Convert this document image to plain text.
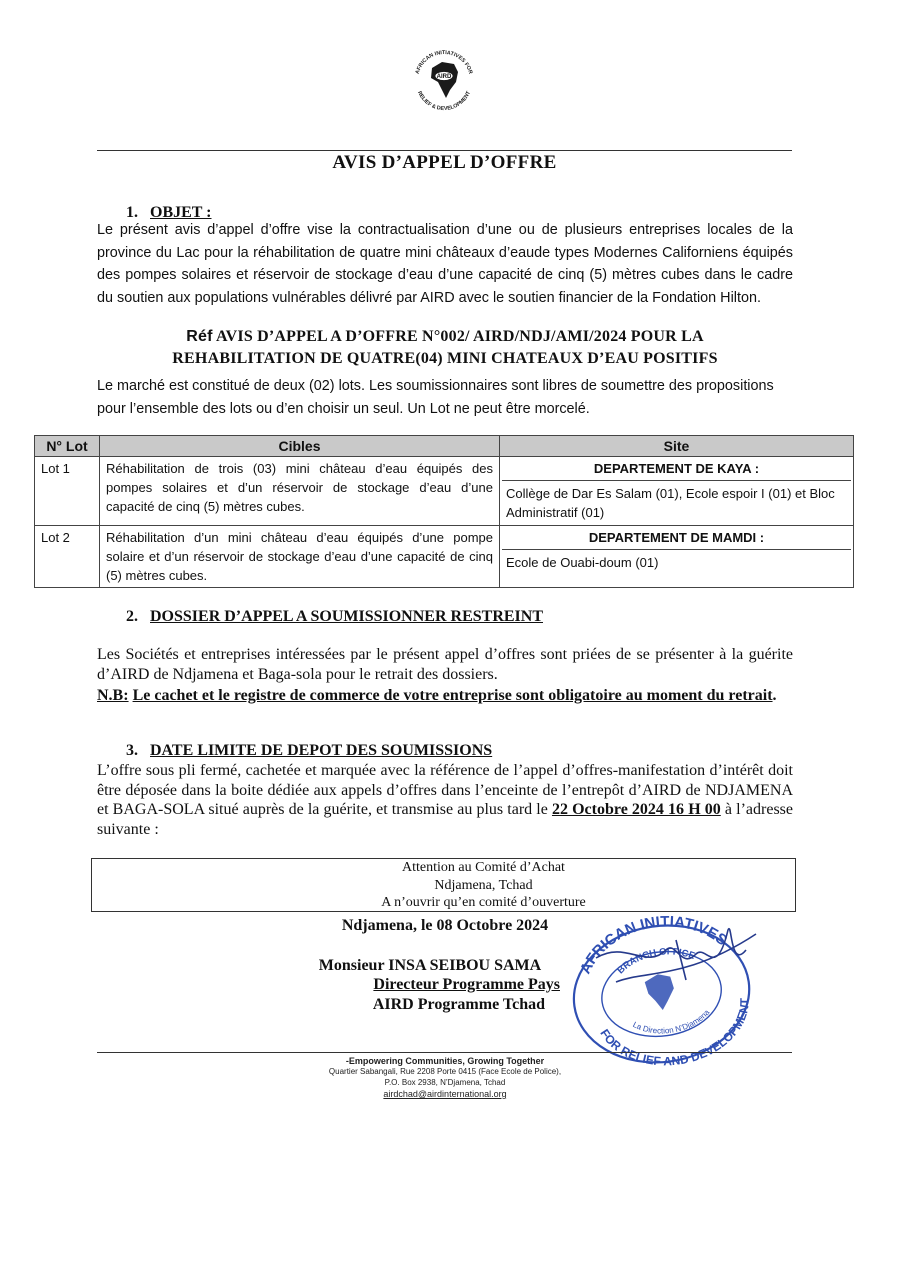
AFRICAN INITIATIVES FOR
RELIEF & DEVELOPMENT
AIRD
AVIS D’APPEL D’OFFRE
1. OBJET :
Le présent avis d’appel d’offre vise la contractualisation d’une ou de plusieurs entreprises locales de la province du Lac pour la réhabilitation de quatre mini châteaux d’eaude types Modernes Californiens équipés des pompes solaires et réservoir de stockage d’eau d’une capacité de cinq (5) mètres cubes dans le cadre du soutien aux populations vulnérables délivré par AIRD avec le soutien financier de la Fondation Hilton.
Réf AVIS D’APPEL A D’OFFRE N°002/ AIRD/NDJ/AMI/2024 POUR LA
REHABILITATION DE QUATRE(04) MINI CHATEAUX D’EAU POSITIFS
Le marché est constitué de deux (02) lots. Les soumissionnaires sont libres de soumettre des propositions pour l’ensemble des lots ou d’en choisir un seul. Un Lot ne peut être morcelé.
N° Lot	Cibles	Site
Lot 1	Réhabilitation de trois (03) mini château d’eau équipés des pompes solaires et d’un réservoir de stockage d’eau d’une capacité de cinq (5) mètres cubes.	DEPARTEMENT DE KAYA :
Collège de Dar Es Salam (01), Ecole espoir I (01) et Bloc Administratif (01)

Lot 2	Réhabilitation d’un mini château d’eau équipés d’une pompe solaire et d’un réservoir de stockage d’eau d’une capacité de cinq (5) mètres cubes.	DEPARTEMENT DE MAMDI :
Ecole de Ouabi-doum (01)
2. DOSSIER D’APPEL A SOUMISSIONNER RESTREINT
Les Sociétés et entreprises intéressées par le présent appel d’offres sont priées de se présenter à la guérite d’AIRD de Ndjamena et Baga-sola pour le retrait des dossiers.
N.B: Le cachet et le registre de commerce de votre entreprise sont obligatoire au moment du retrait.
3. DATE LIMITE DE DEPOT DES SOUMISSIONS
L’offre sous pli fermé, cachetée et marquée avec la référence de l’appel d’offres-manifestation d’intérêt doit être déposée dans la boite dédiée aux appels d’offres dans l’enceinte de l’entrepôt d’AIRD de NDJAMENA et BAGA-SOLA situé auprès de la guérite, et transmise au plus tard le 22 Octobre 2024 16 H 00 à l’adresse suivante :
Attention au Comité d’Achat
Ndjamena, Tchad
A n’ouvrir qu’en comité d’ouverture
Ndjamena, le 08 Octobre 2024
Monsieur INSA SEIBOU SAMA
Directeur Programme Pays
AIRD Programme Tchad
AFRICAN INITIATIVES
BRANCH OFFICE
La Direction N’Djamena
FOR RELIEF AND DEVELOPMENT
-Empowering Communities, Growing Together
Quartier Sabangali, Rue 2208 Porte 0415 (Face Ecole de Police),
P.O. Box 2938, N’Djamena, Tchad
airdchad@airdinternational.org
